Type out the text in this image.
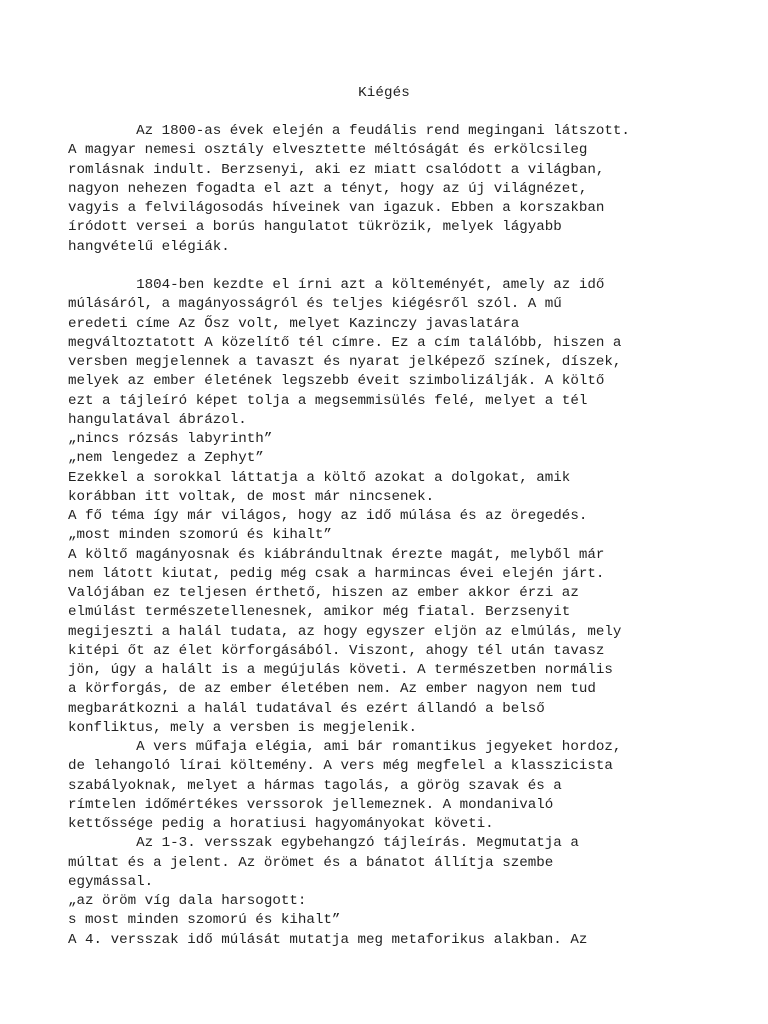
Kiégés
Az 1800-as évek elején a feudális rend megingani látszott.
A magyar nemesi osztály elvesztette méltóságát és erkölcsileg
romlásnak indult. Berzsenyi, aki ez miatt csalódott a világban,
nagyon nehezen fogadta el azt a tényt, hogy az új világnézet,
vagyis a felvilágosodás híveinek van igazuk. Ebben a korszakban
íródott versei a borús hangulatot tükrözik, melyek lágyabb
hangvételű elégiák.
1804-ben kezdte el írni azt a költeményét, amely az idő
múlásáról, a magányosságról és teljes kiégésről szól. A mű
eredeti címe Az Ősz volt, melyet Kazinczy javaslatára
megváltoztatott A közelítő tél címre. Ez a cím találóbb, hiszen a
versben megjelennek a tavaszt és nyarat jelképező színek, díszek,
melyek az ember életének legszebb éveit szimbolizálják. A költő
ezt a tájleíró képet tolja a megsemmisülés felé, melyet a tél
hangulatával ábrázol.
„nincs rózsás labyrinth”
„nem lengedez a Zephyt”
Ezekkel a sorokkal láttatja a költő azokat a dolgokat, amik
korábban itt voltak, de most már nincsenek.
A fő téma így már világos, hogy az idő múlása és az öregedés.
„most minden szomorú és kihalt”
A költő magányosnak és kiábrándultnak érezte magát, melyből már
nem látott kiutat, pedig még csak a harmincas évei elején járt.
Valójában ez teljesen érthető, hiszen az ember akkor érzi az
elmúlást természetellenesnek, amikor még fiatal. Berzsenyit
megijeszti a halál tudata, az hogy egyszer eljön az elmúlás, mely
kitépi őt az élet körforgásából. Viszont, ahogy tél után tavasz
jön, úgy a halált is a megújulás követi. A természetben normális
a körforgás, de az ember életében nem. Az ember nagyon nem tud
megbarátkozni a halál tudatával és ezért állandó a belső
konfliktus, mely a versben is megjelenik.
A vers műfaja elégia, ami bár romantikus jegyeket hordoz,
de lehangoló lírai költemény. A vers még megfelel a klasszicista
szabályoknak, melyet a hármas tagolás, a görög szavak és a
rímtelen időmértékes verssorok jellemeznek. A mondanivaló
kettőssége pedig a horatiusi hagyományokat követi.
Az 1-3. versszak egybehangzó tájleírás. Megmutatja a
múltat és a jelent. Az örömet és a bánatot állítja szembe
egymással.
„az öröm víg dala harsogott:
s most minden szomorú és kihalt”
A 4. versszak idő múlását mutatja meg metaforikus alakban. Az
